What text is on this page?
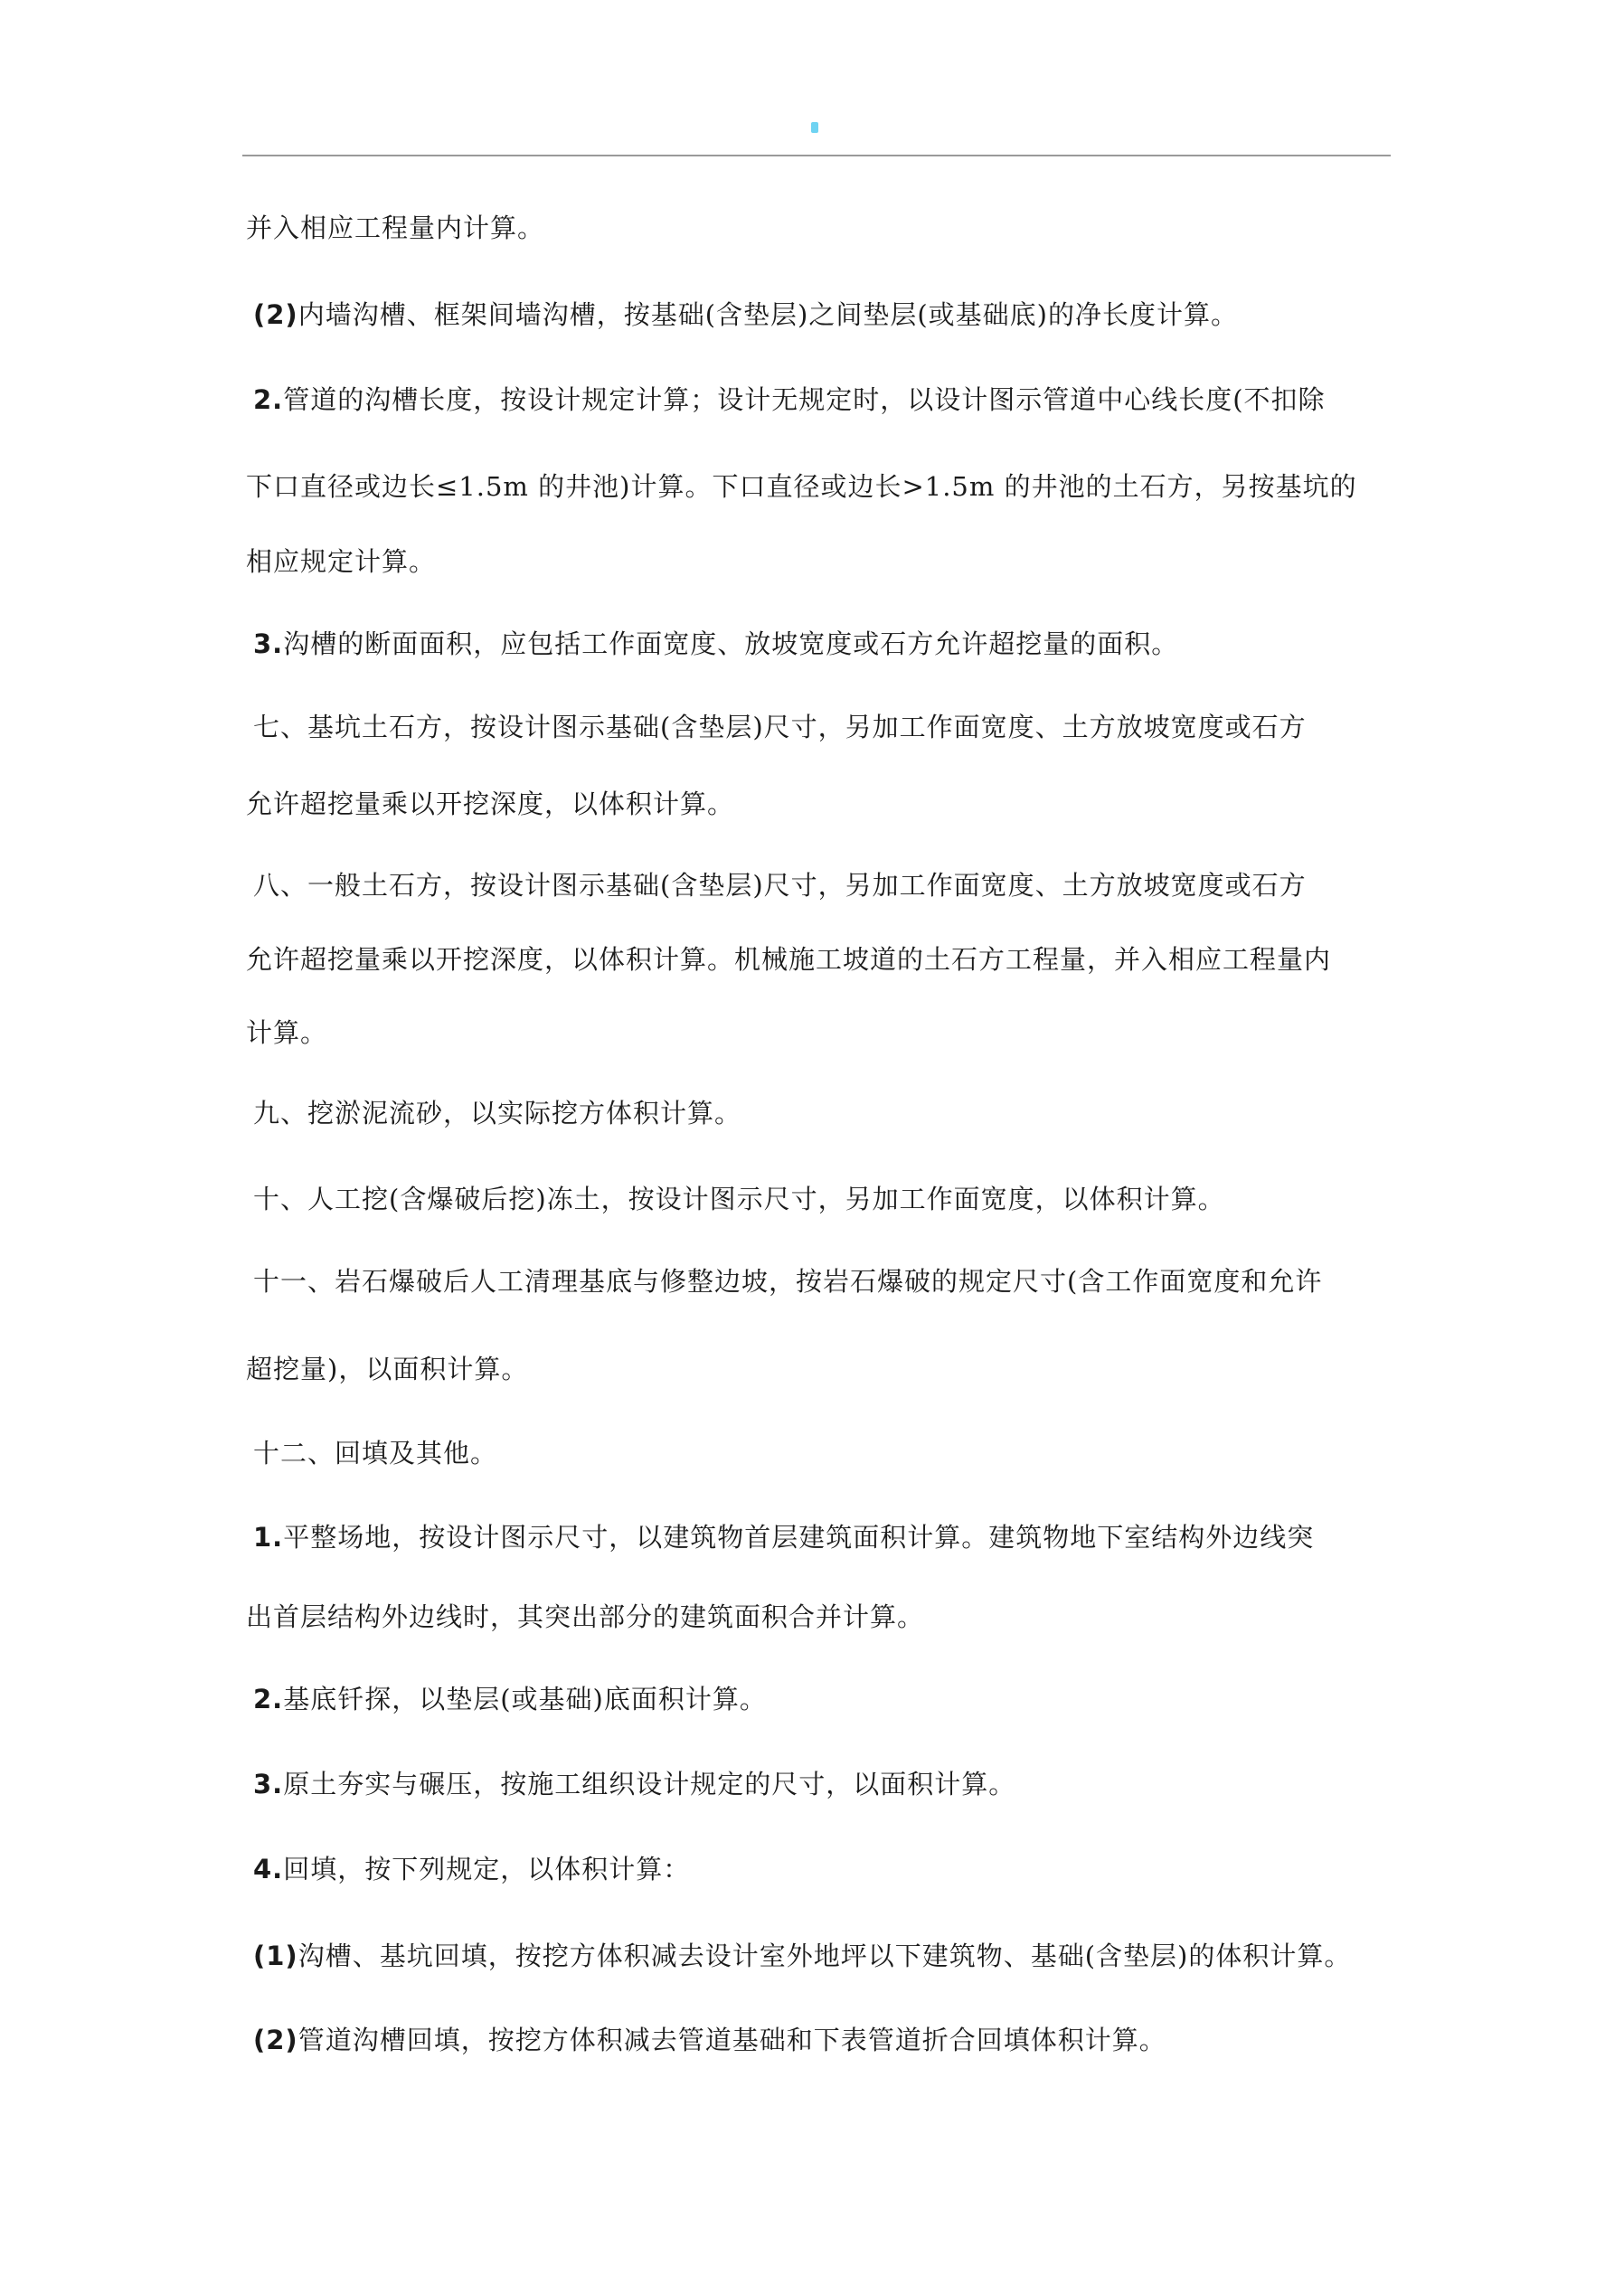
并入相应工程量内计算。
(2)内墙沟槽、框架间墙沟槽，按基础(含垫层)之间垫层(或基础底)的净长度计算。
2.管道的沟槽长度，按设计规定计算；设计无规定时，以设计图示管道中心线长度(不扣除
下口直径或边长≤1.5m 的井池)计算。下口直径或边长>1.5m 的井池的土石方，另按基坑的
相应规定计算。
3.沟槽的断面面积，应包括工作面宽度、放坡宽度或石方允许超挖量的面积。
七、基坑土石方，按设计图示基础(含垫层)尺寸，另加工作面宽度、土方放坡宽度或石方
允许超挖量乘以开挖深度，以体积计算。
八、一般土石方，按设计图示基础(含垫层)尺寸，另加工作面宽度、土方放坡宽度或石方
允许超挖量乘以开挖深度，以体积计算。机械施工坡道的土石方工程量，并入相应工程量内
计算。
九、挖淤泥流砂，以实际挖方体积计算。
十、人工挖(含爆破后挖)冻土，按设计图示尺寸，另加工作面宽度，以体积计算。
十一、岩石爆破后人工清理基底与修整边坡，按岩石爆破的规定尺寸(含工作面宽度和允许
超挖量)，以面积计算。
十二、回填及其他。
1.平整场地，按设计图示尺寸，以建筑物首层建筑面积计算。建筑物地下室结构外边线突
出首层结构外边线时，其突出部分的建筑面积合并计算。
2.基底钎探，以垫层(或基础)底面积计算。
3.原土夯实与碾压，按施工组织设计规定的尺寸，以面积计算。
4.回填，按下列规定，以体积计算：
(1)沟槽、基坑回填，按挖方体积减去设计室外地坪以下建筑物、基础(含垫层)的体积计算。
(2)管道沟槽回填，按挖方体积减去管道基础和下表管道折合回填体积计算。
